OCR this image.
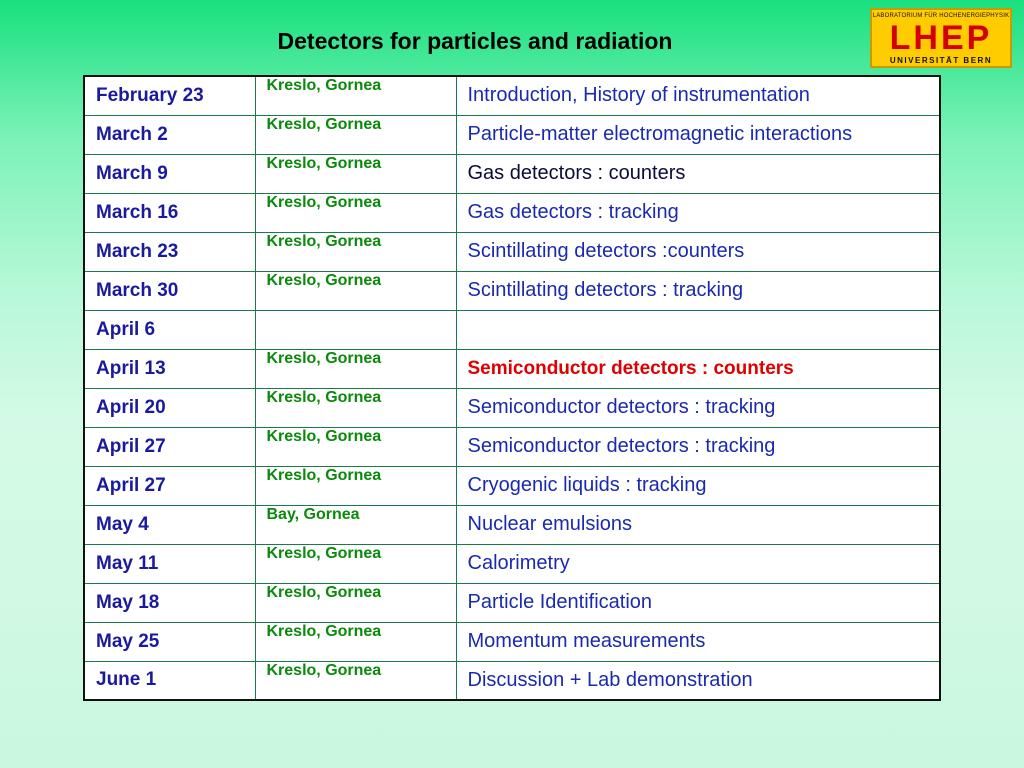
Detectors for particles and radiation
LABORATORIUM FÜR HOCHENERGIEPHYSIK
LHEP
UNIVERSITÄT BERN
February 23	Kreslo, Gornea	Introduction, History of instrumentation
March 2	Kreslo, Gornea	Particle-matter electromagnetic interactions
March 9	Kreslo, Gornea	Gas detectors : counters
March 16	Kreslo, Gornea	Gas detectors : tracking
March 23	Kreslo, Gornea	Scintillating detectors :counters
March 30	Kreslo, Gornea	Scintillating detectors : tracking
April 6		
April 13	Kreslo, Gornea	Semiconductor detectors : counters
April 20	Kreslo, Gornea	Semiconductor detectors : tracking
April 27	Kreslo, Gornea	Semiconductor detectors : tracking
April 27	Kreslo, Gornea	Cryogenic liquids : tracking
May 4	Bay, Gornea	Nuclear emulsions
May 11	Kreslo, Gornea	Calorimetry
May 18	Kreslo, Gornea	Particle Identification
May 25	Kreslo, Gornea	Momentum measurements
June 1	Kreslo, Gornea	Discussion + Lab demonstration
